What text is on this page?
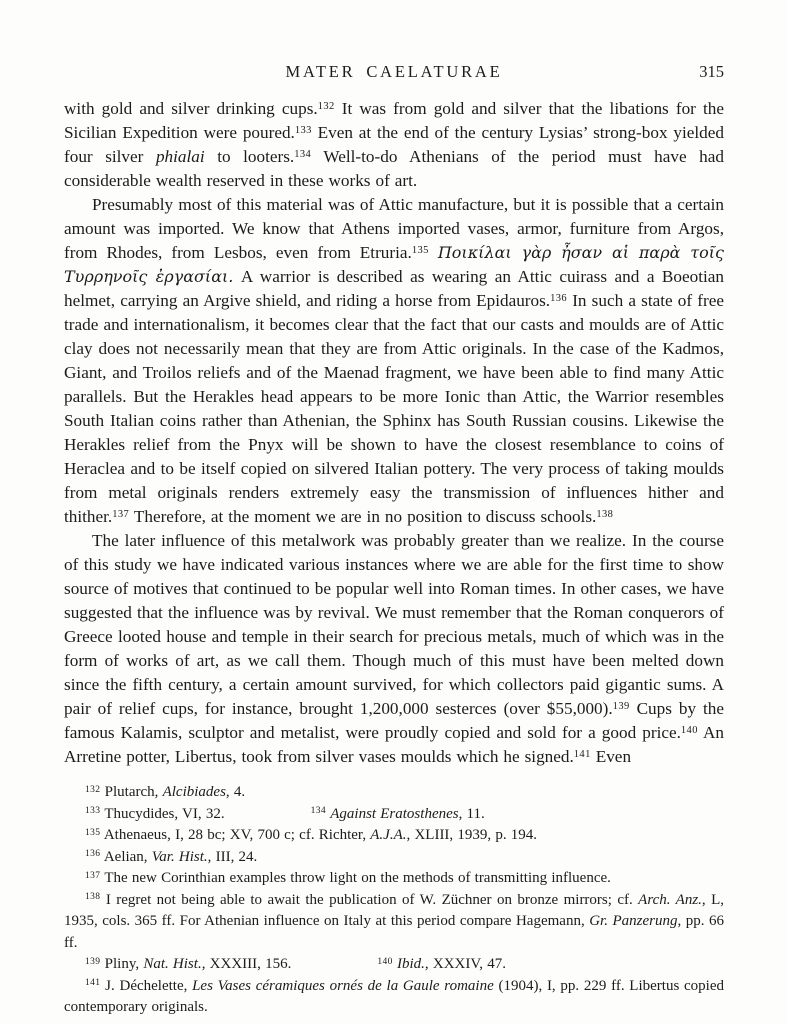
MATER CAELATURAE	315

with gold and silver drinking cups.$^{132}$ It was from gold and silver that the libations for the Sicilian Expedition were poured.$^{133}$ Even at the end of the century Lysias’ strong-box yielded four silver phialai to looters.$^{134}$ Well-to-do Athenians of the period must have had considerable wealth reserved in these works of art.

Presumably most of this material was of Attic manufacture, but it is possible that a certain amount was imported. We know that Athens imported vases, armor, furniture from Argos, from Rhodes, from Lesbos, even from Etruria.$^{135}$ Ποικίλαι γὰρ ἦσαν αἱ παρὰ τοῖς Τυρρηνοῖς ἐργασίαι. A warrior is described as wearing an Attic cuirass and a Boeotian helmet, carrying an Argive shield, and riding a horse from Epidauros.$^{136}$ In such a state of free trade and internationalism, it becomes clear that the fact that our casts and moulds are of Attic clay does not necessarily mean that they are from Attic originals. In the case of the Kadmos, Giant, and Troilos reliefs and of the Maenad fragment, we have been able to find many Attic parallels. But the Herakles head appears to be more Ionic than Attic, the Warrior resembles South Italian coins rather than Athenian, the Sphinx has South Russian cousins. Likewise the Herakles relief from the Pnyx will be shown to have the closest resemblance to coins of Heraclea and to be itself copied on silvered Italian pottery. The very process of taking moulds from metal originals renders extremely easy the transmission of influences hither and thither.$^{137}$ Therefore, at the moment we are in no position to discuss schools.$^{138}$

The later influence of this metalwork was probably greater than we realize. In the course of this study we have indicated various instances where we are able for the first time to show source of motives that continued to be popular well into Roman times. In other cases, we have suggested that the influence was by revival. We must remember that the Roman conquerors of Greece looted house and temple in their search for precious metals, much of which was in the form of works of art, as we call them. Though much of this must have been melted down since the fifth century, a certain amount survived, for which collectors paid gigantic sums. A pair of relief cups, for instance, brought 1,200,000 sesterces (over $55,000).$^{139}$ Cups by the famous Kalamis, sculptor and metalist, were proudly copied and sold for a good price.$^{140}$ An Arretine potter, Libertus, took from silver vases moulds which he signed.$^{141}$ Even

$^{132}$ Plutarch, Alcibiades, 4.

$^{133}$ Thucydides, VI, 32.	$^{134}$ Against Eratosthenes, 11.

$^{135}$ Athenaeus, I, 28 bc; XV, 700 c; cf. Richter, A.J.A., XLIII, 1939, p. 194.

$^{136}$ Aelian, Var. Hist., III, 24.

$^{137}$ The new Corinthian examples throw light on the methods of transmitting influence.

$^{138}$ I regret not being able to await the publication of W. Züchner on bronze mirrors; cf. Arch. Anz., L, 1935, cols. 365 ff. For Athenian influence on Italy at this period compare Hagemann, Gr. Panzerung, pp. 66 ff.

$^{139}$ Pliny, Nat. Hist., XXXIII, 156.	$^{140}$ Ibid., XXXIV, 47.

$^{141}$ J. Déchelette, Les Vases céramiques ornés de la Gaule romaine (1904), I, pp. 229 ff. Libertus copied contemporary originals.
